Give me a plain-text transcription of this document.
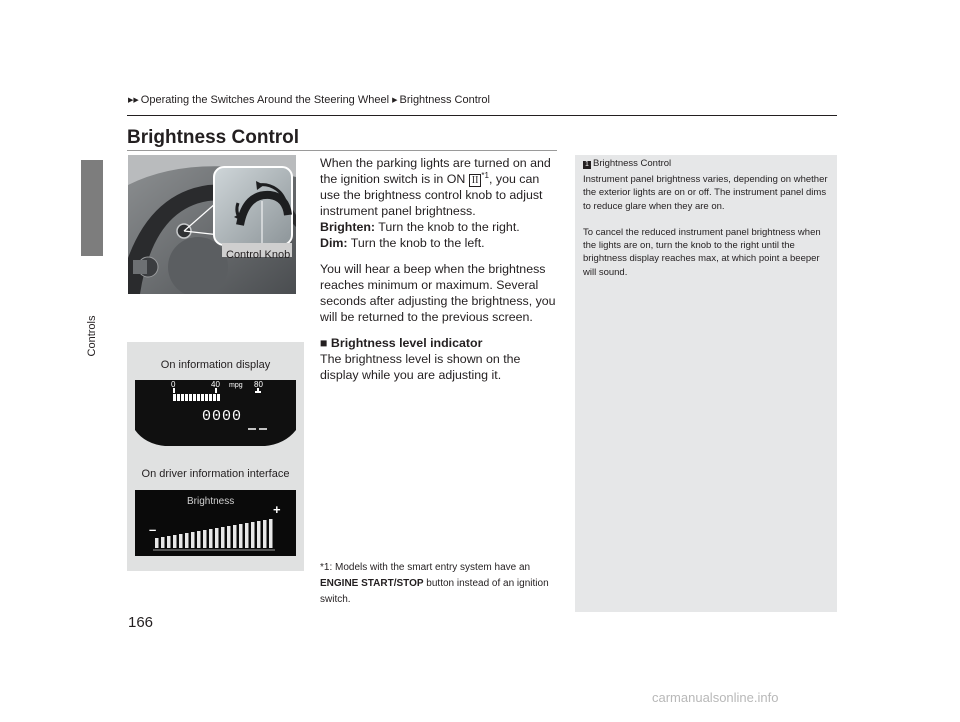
Controls
▶▶ Operating the Switches Around the Steering Wheel ▶ Brightness Control
Brightness Control
Control Knob

When the parking lights are turned on and the ignition switch is in ON II $^{*1}$, you can use the brightness control knob to adjust instrument panel brightness.

Brighten: Turn the knob to the right.

Dim: Turn the knob to the left.

You will hear a beep when the brightness reaches minimum or maximum. Several seconds after adjusting the brightness, you will be returned to the previous screen.

■ Brightness level indicator

The brightness level is shown on the display while you are adjusting it.

On information display
0	40 mpg 80
0000
On driver information interface
Brightness
+
–
*1: Models with the smart entry system have an ENGINE START/STOP button instead of an ignition switch.
1 Brightness Control

Instrument panel brightness varies, depending on whether the exterior lights are on or off. The instrument panel dims to reduce glare when they are on.

To cancel the reduced instrument panel brightness when the lights are on, turn the knob to the right until the brightness display reaches max, at which point a beeper will sound.

166
carmanualsonline.info
